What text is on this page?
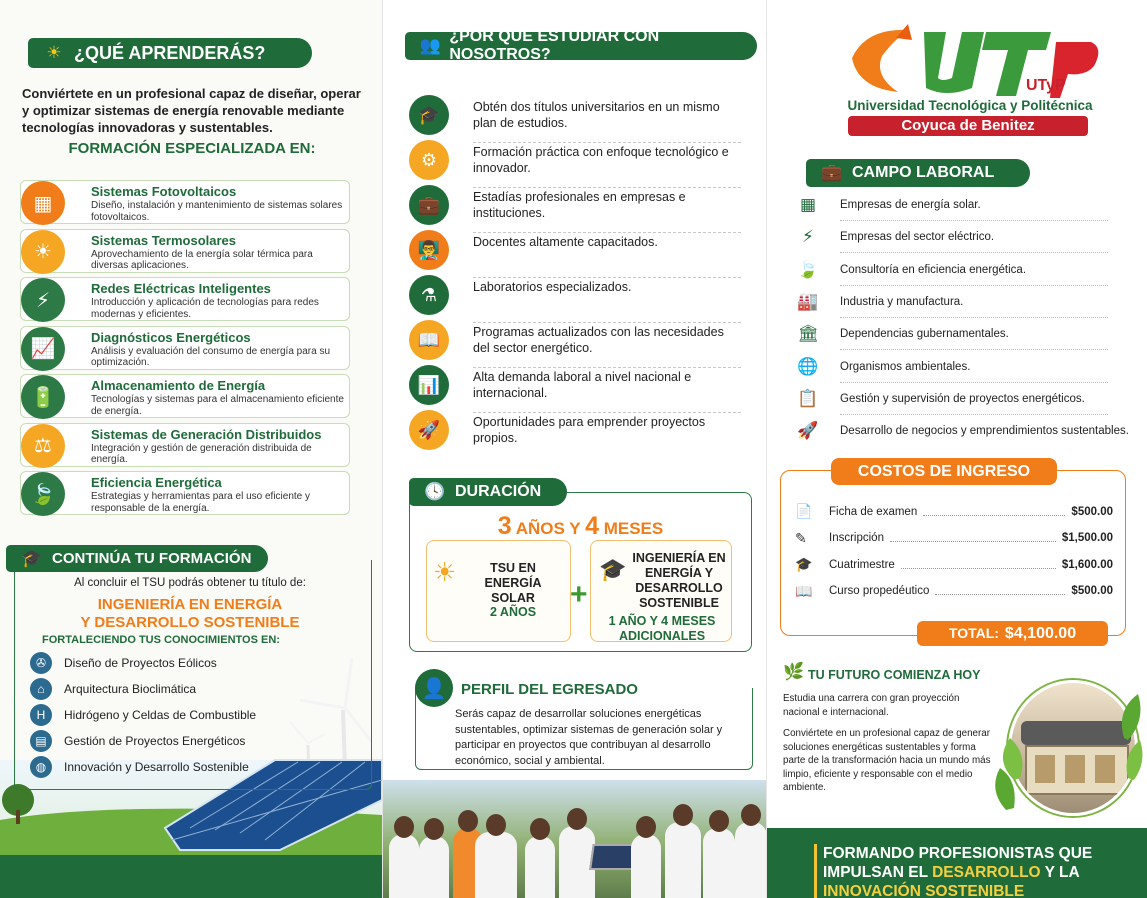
☀ ¿QUÉ APRENDERÁS?
Conviértete en un profesional capaz de diseñar, operar y optimizar sistemas de energía renovable mediante tecnologías innovadoras y sustentables.
FORMACIÓN ESPECIALIZADA EN:
▦
Sistemas Fotovoltaicos
Diseño, instalación y mantenimiento de sistemas solares fotovoltaicos.
☀
Sistemas Termosolares
Aprovechamiento de la energía solar térmica para diversas aplicaciones.
⚡
Redes Eléctricas Inteligentes
Introducción y aplicación de tecnologías para redes modernas y eficientes.
📈
Diagnósticos Energéticos
Análisis y evaluación del consumo de energía para su optimización.
🔋
Almacenamiento de Energía
Tecnologías y sistemas para el almacenamiento eficiente de energía.
⚖
Sistemas de Generación Distribuidos
Integración y gestión de generación distribuida de energía.
🍃
Eficiencia Energética
Estrategias y herramientas para el uso eficiente y responsable de la energía.
🎓 CONTINÚA TU FORMACIÓN
Al concluir el TSU podrás obtener tu título de:
INGENIERÍA EN ENERGÍA
Y DESARROLLO SOSTENIBLE
FORTALECIENDO TUS CONOCIMIENTOS EN:
✇	Diseño de Proyectos Eólicos
⌂	Arquitectura Bioclimática
H	Hidrógeno y Celdas de Combustible
▤	Gestión de Proyectos Energéticos
◍	Innovación y Desarrollo Sostenible
👥 ¿POR QUÉ ESTUDIAR CON NOSOTROS?
🎓	Obtén dos títulos universitarios en un mismo plan de estudios.
⚙	Formación práctica con enfoque tecnológico e innovador.
💼	Estadías profesionales en empresas e instituciones.
👨‍🏫	Docentes altamente capacitados.
⚗	Laboratorios especializados.
📖	Programas actualizados con las necesidades del sector energético.
📊	Alta demanda laboral a nivel nacional e internacional.
🚀	Oportunidades para emprender proyectos propios.
🕓 DURACIÓN
3 AÑOS Y 4 MESES
☀	TSU EN
ENERGÍA SOLAR
2 AÑOS
+
🎓 INGENIERÍA EN
ENERGÍA Y
DESARROLLO
SOSTENIBLE
1 AÑO Y 4 MESES
ADICIONALES
👤 PERFIL DEL EGRESADO
Serás capaz de desarrollar soluciones energéticas sustentables, optimizar sistemas de generación solar y participar en proyectos que contribuyan al desarrollo económico, social y ambiental.
UTyP
Universidad Tecnológica y Politécnica
Coyuca de Benitez
💼 CAMPO LABORAL
▦	Empresas de energía solar.
⚡	Empresas del sector eléctrico.
🍃 Consultoría en eficiencia energética.
🏭 Industria y manufactura.
🏛 Dependencias gubernamentales.
🌐 Organismos ambientales.
📋 Gestión y supervisión de proyectos energéticos.
🚀 Desarrollo de negocios y emprendimientos sustentables.
COSTOS DE INGRESO
📄 Ficha de examen	$500.00
✎	Inscripción	$1,500.00
🎓 Cuatrimestre	$1,600.00
📖 Curso propedéutico	$500.00
TOTAL: $4,100.00
🌿 TU FUTURO COMIENZA HOY
Estudia una carrera con gran proyección nacional e internacional.
Conviértete en un profesional capaz de generar soluciones energéticas sustentables y forma parte de la transformación hacia un mundo más limpio, eficiente y responsable con el medio ambiente.
FORMANDO PROFESIONISTAS QUE
IMPULSAN EL DESARROLLO Y LA
INNOVACIÓN SOSTENIBLE
